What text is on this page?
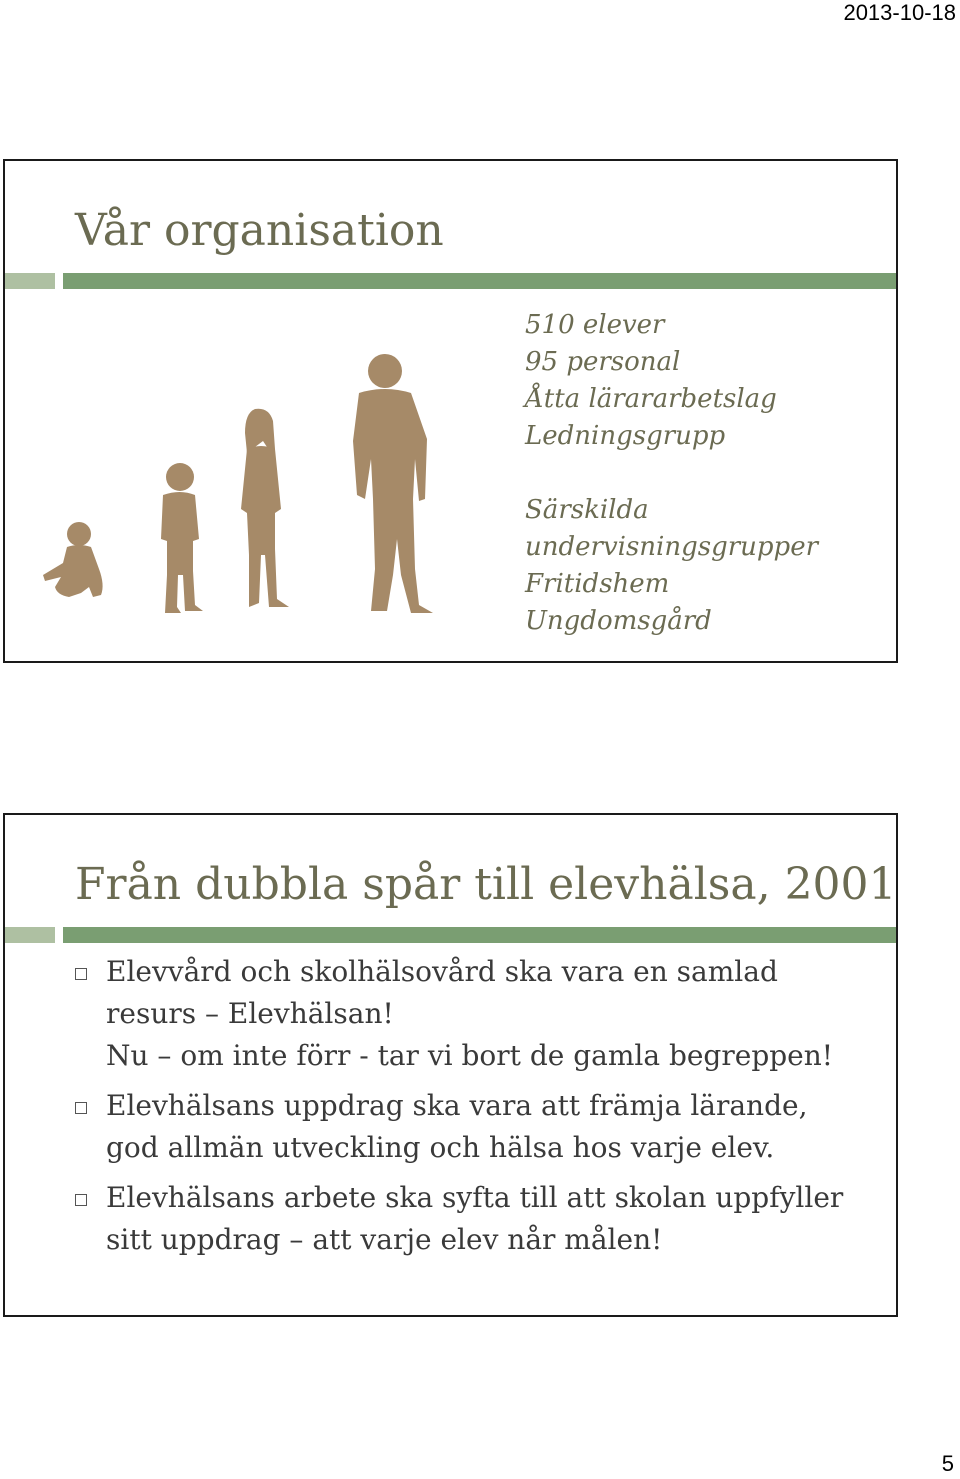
2013-10-18
Vår organisation
510 elever
95 personal
Åtta lärararbetslag
Ledningsgrupp
Särskilda
undervisningsgrupper
Fritidshem
Ungdomsgård
Från dubbla spår till elevhälsa, 2001
Elevvård och skolhälsovård ska vara en samlad
resurs – Elevhälsan!
Nu – om inte förr - tar vi bort de gamla begreppen!
Elevhälsans uppdrag ska vara att främja lärande,
god allmän utveckling och hälsa hos varje elev.
Elevhälsans arbete ska syfta till att skolan uppfyller
sitt uppdrag – att varje elev når målen!
5
